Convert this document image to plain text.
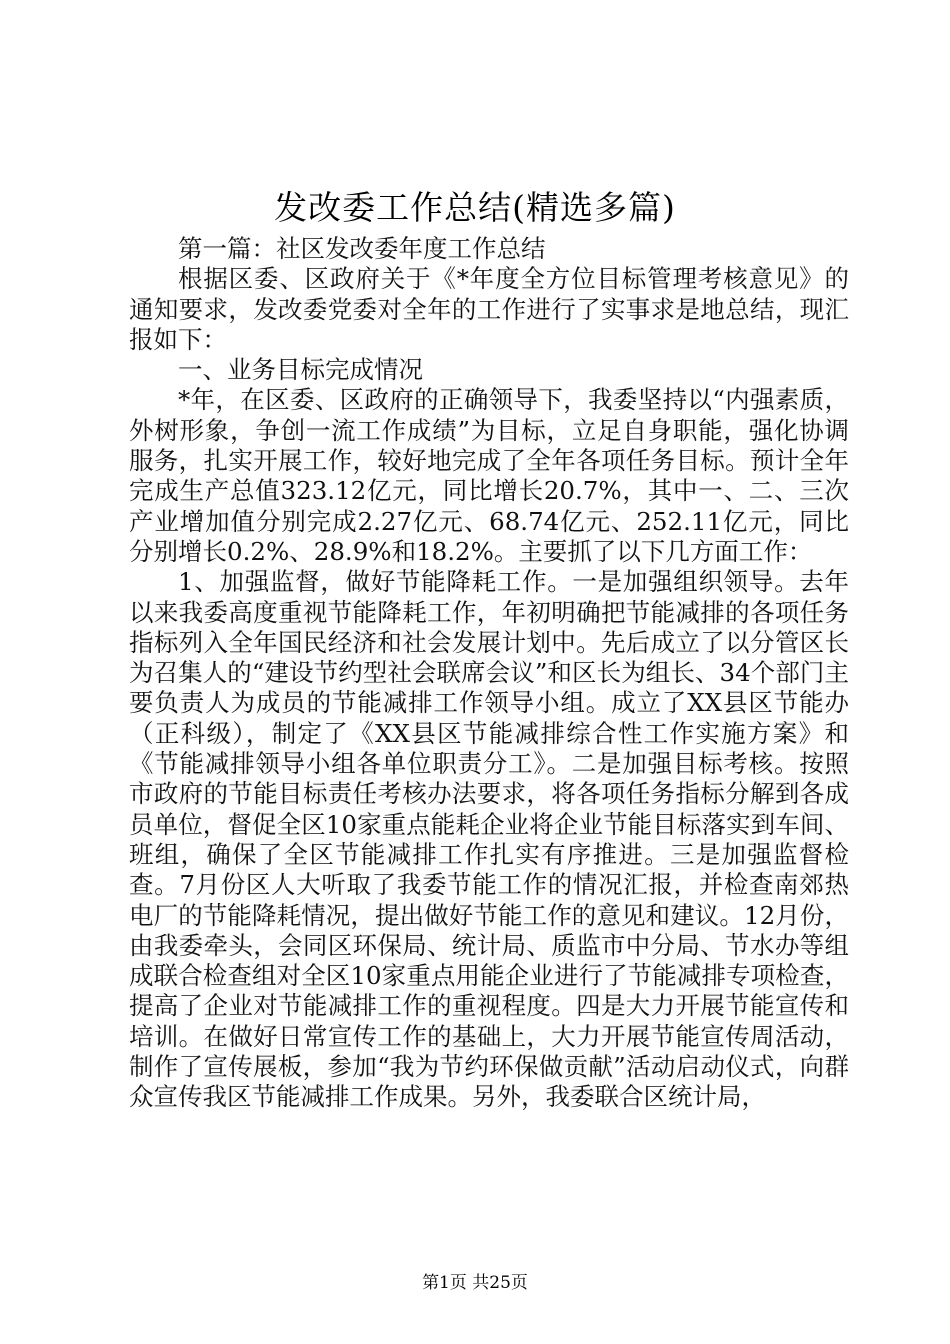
发改委工作总结(精选多篇)

第一篇：社区发改委年度工作总结

根据区委、区政府关于《*年度全方位目标管理考核意见》的通知要求，发改委党委对全年的工作进行了实事求是地总结，现汇报如下：

一、业务目标完成情况

*年，在区委、区政府的正确领导下，我委坚持以“内强素质，外树形象，争创一流工作成绩”为目标，立足自身职能，强化协调服务，扎实开展工作，较好地完成了全年各项任务目标。预计全年完成生产总值323.12亿元，同比增长20.7%，其中一、二、三次产业增加值分别完成2.27亿元、68.74亿元、252.11亿元，同比分别增长0.2%、28.9%和18.2%。主要抓了以下几方面工作：

1、加强监督，做好节能降耗工作。一是加强组织领导。去年以来我委高度重视节能降耗工作，年初明确把节能减排的各项任务指标列入全年国民经济和社会发展计划中。先后成立了以分管区长为召集人的“建设节约型社会联席会议”和区长为组长、34个部门主要负责人为成员的节能减排工作领导小组。成立了XX县区节能办（正科级），制定了《XX县区节能减排综合性工作实施方案》和《节能减排领导小组各单位职责分工》。二是加强目标考核。按照市政府的节能目标责任考核办法要求，将各项任务指标分解到各成员单位，督促全区10家重点能耗企业将企业节能目标落实到车间、班组，确保了全区节能减排工作扎实有序推进。三是加强监督检查。7月份区人大听取了我委节能工作的情况汇报，并检查南郊热电厂的节能降耗情况，提出做好节能工作的意见和建议。12月份，由我委牵头，会同区环保局、统计局、质监市中分局、节水办等组成联合检查组对全区10家重点用能企业进行了节能减排专项检查，提高了企业对节能减排工作的重视程度。四是大力开展节能宣传和培训。在做好日常宣传工作的基础上，大力开展节能宣传周活动，制作了宣传展板，参加“我为节约环保做贡献”活动启动仪式，向群众宣传我区节能减排工作成果。另外，我委联合区统计局，

第1页 共25页
